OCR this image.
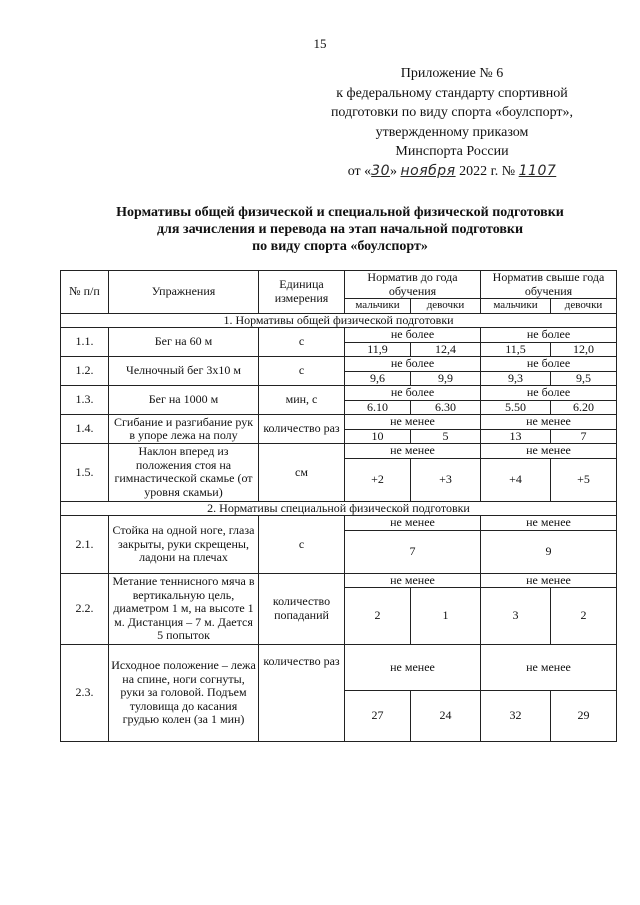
15
Приложение № 6
к федеральному стандарту спортивной
подготовки по виду спорта «боулспорт»,
утвержденному приказом
Минспорта России
от «30» ноября 2022 г. № 1107
Нормативы общей физической и специальной физической подготовки
для зачисления и перевода на этап начальной подготовки
по виду спорта «боулспорт»
№ п/п	Упражнения	Единица измерения	Норматив до года обучения		Норматив свыше года обучения	
			мальчики	девочки	мальчики	девочки
1. Нормативы общей физической подготовки						
1.1.	Бег на 60 м	с	не более		не более	
			11,9	12,4	11,5	12,0
1.2.	Челночный бег 3х10 м	с	не более		не более	
			9,6	9,9	9,3	9,5
1.3.	Бег на 1000 м	мин, с	не более		не более	
			6.10	6.30	5.50	6.20
1.4.	Сгибание и разгибание рук в упоре лежа на полу	количество раз	не менее		не менее	
			10	5	13	7
1.5.	Наклон вперед из положения стоя на гимнастической скамье (от уровня скамьи)	см	не менее		не менее	
			+2	+3	+4	+5
2. Нормативы специальной физической подготовки						
2.1.	Стойка на одной ноге, глаза закрыты, руки скрещены, ладони на плечах	с	не менее		не менее	
			7		9	
2.2.	Метание теннисного мяча в вертикальную цель, диаметром 1 м, на высоте 1 м. Дистанция – 7 м. Дается 5 попыток	количество попаданий	не менее		не менее	
			2	1	3	2
2.3.	Исходное положение – лежа на спине, ноги согнуты, руки за головой. Подъем туловища до касания грудью колен (за 1 мин)	количество раз	не менее		не менее	
			27	24	32	29
